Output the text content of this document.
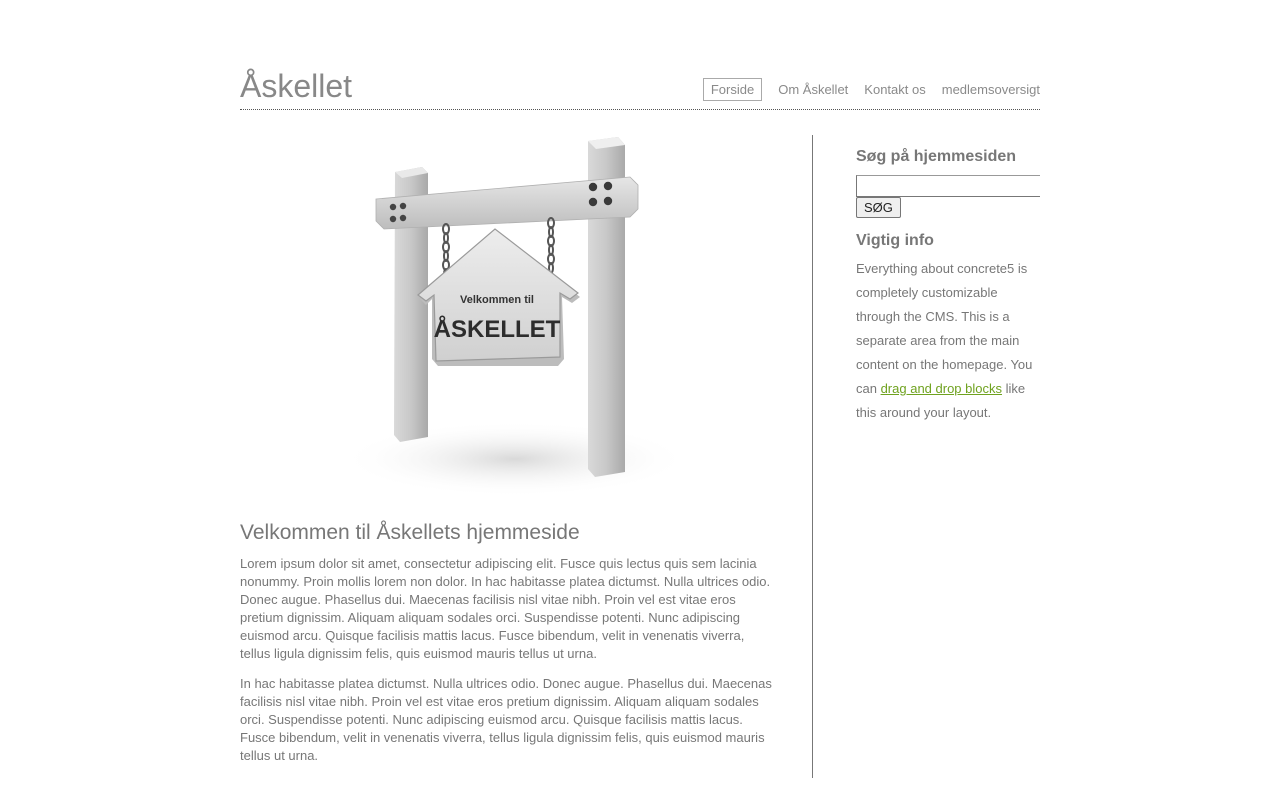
Åskellet	Forside	Om Åskellet Kontakt os medlemsoversigt
Velkommen til
ÅSKELLET
Velkommen til Åskellets hjemmeside

Lorem ipsum dolor sit amet, consectetur adipiscing elit. Fusce quis lectus quis sem lacinia nonummy. Proin mollis lorem non dolor. In hac habitasse platea dictumst. Nulla ultrices odio. Donec augue. Phasellus dui. Maecenas facilisis nisl vitae nibh. Proin vel est vitae eros pretium dignissim. Aliquam aliquam sodales orci. Suspendisse potenti. Nunc adipiscing euismod arcu. Quisque facilisis mattis lacus. Fusce bibendum, velit in venenatis viverra, tellus ligula dignissim felis, quis euismod mauris tellus ut urna.

In hac habitasse platea dictumst. Nulla ultrices odio. Donec augue. Phasellus dui. Maecenas facilisis nisl vitae nibh. Proin vel est vitae eros pretium dignissim. Aliquam aliquam sodales orci. Suspendisse potenti. Nunc adipiscing euismod arcu. Quisque facilisis mattis lacus. Fusce bibendum, velit in venenatis viverra, tellus ligula dignissim felis, quis euismod mauris tellus ut urna.

Søg på hjemmesiden
SØG
Vigtig info

Everything about concrete5 is completely customizable through the CMS. This is a separate area from the main content on the homepage. You can drag and drop blocks like this around your layout.
